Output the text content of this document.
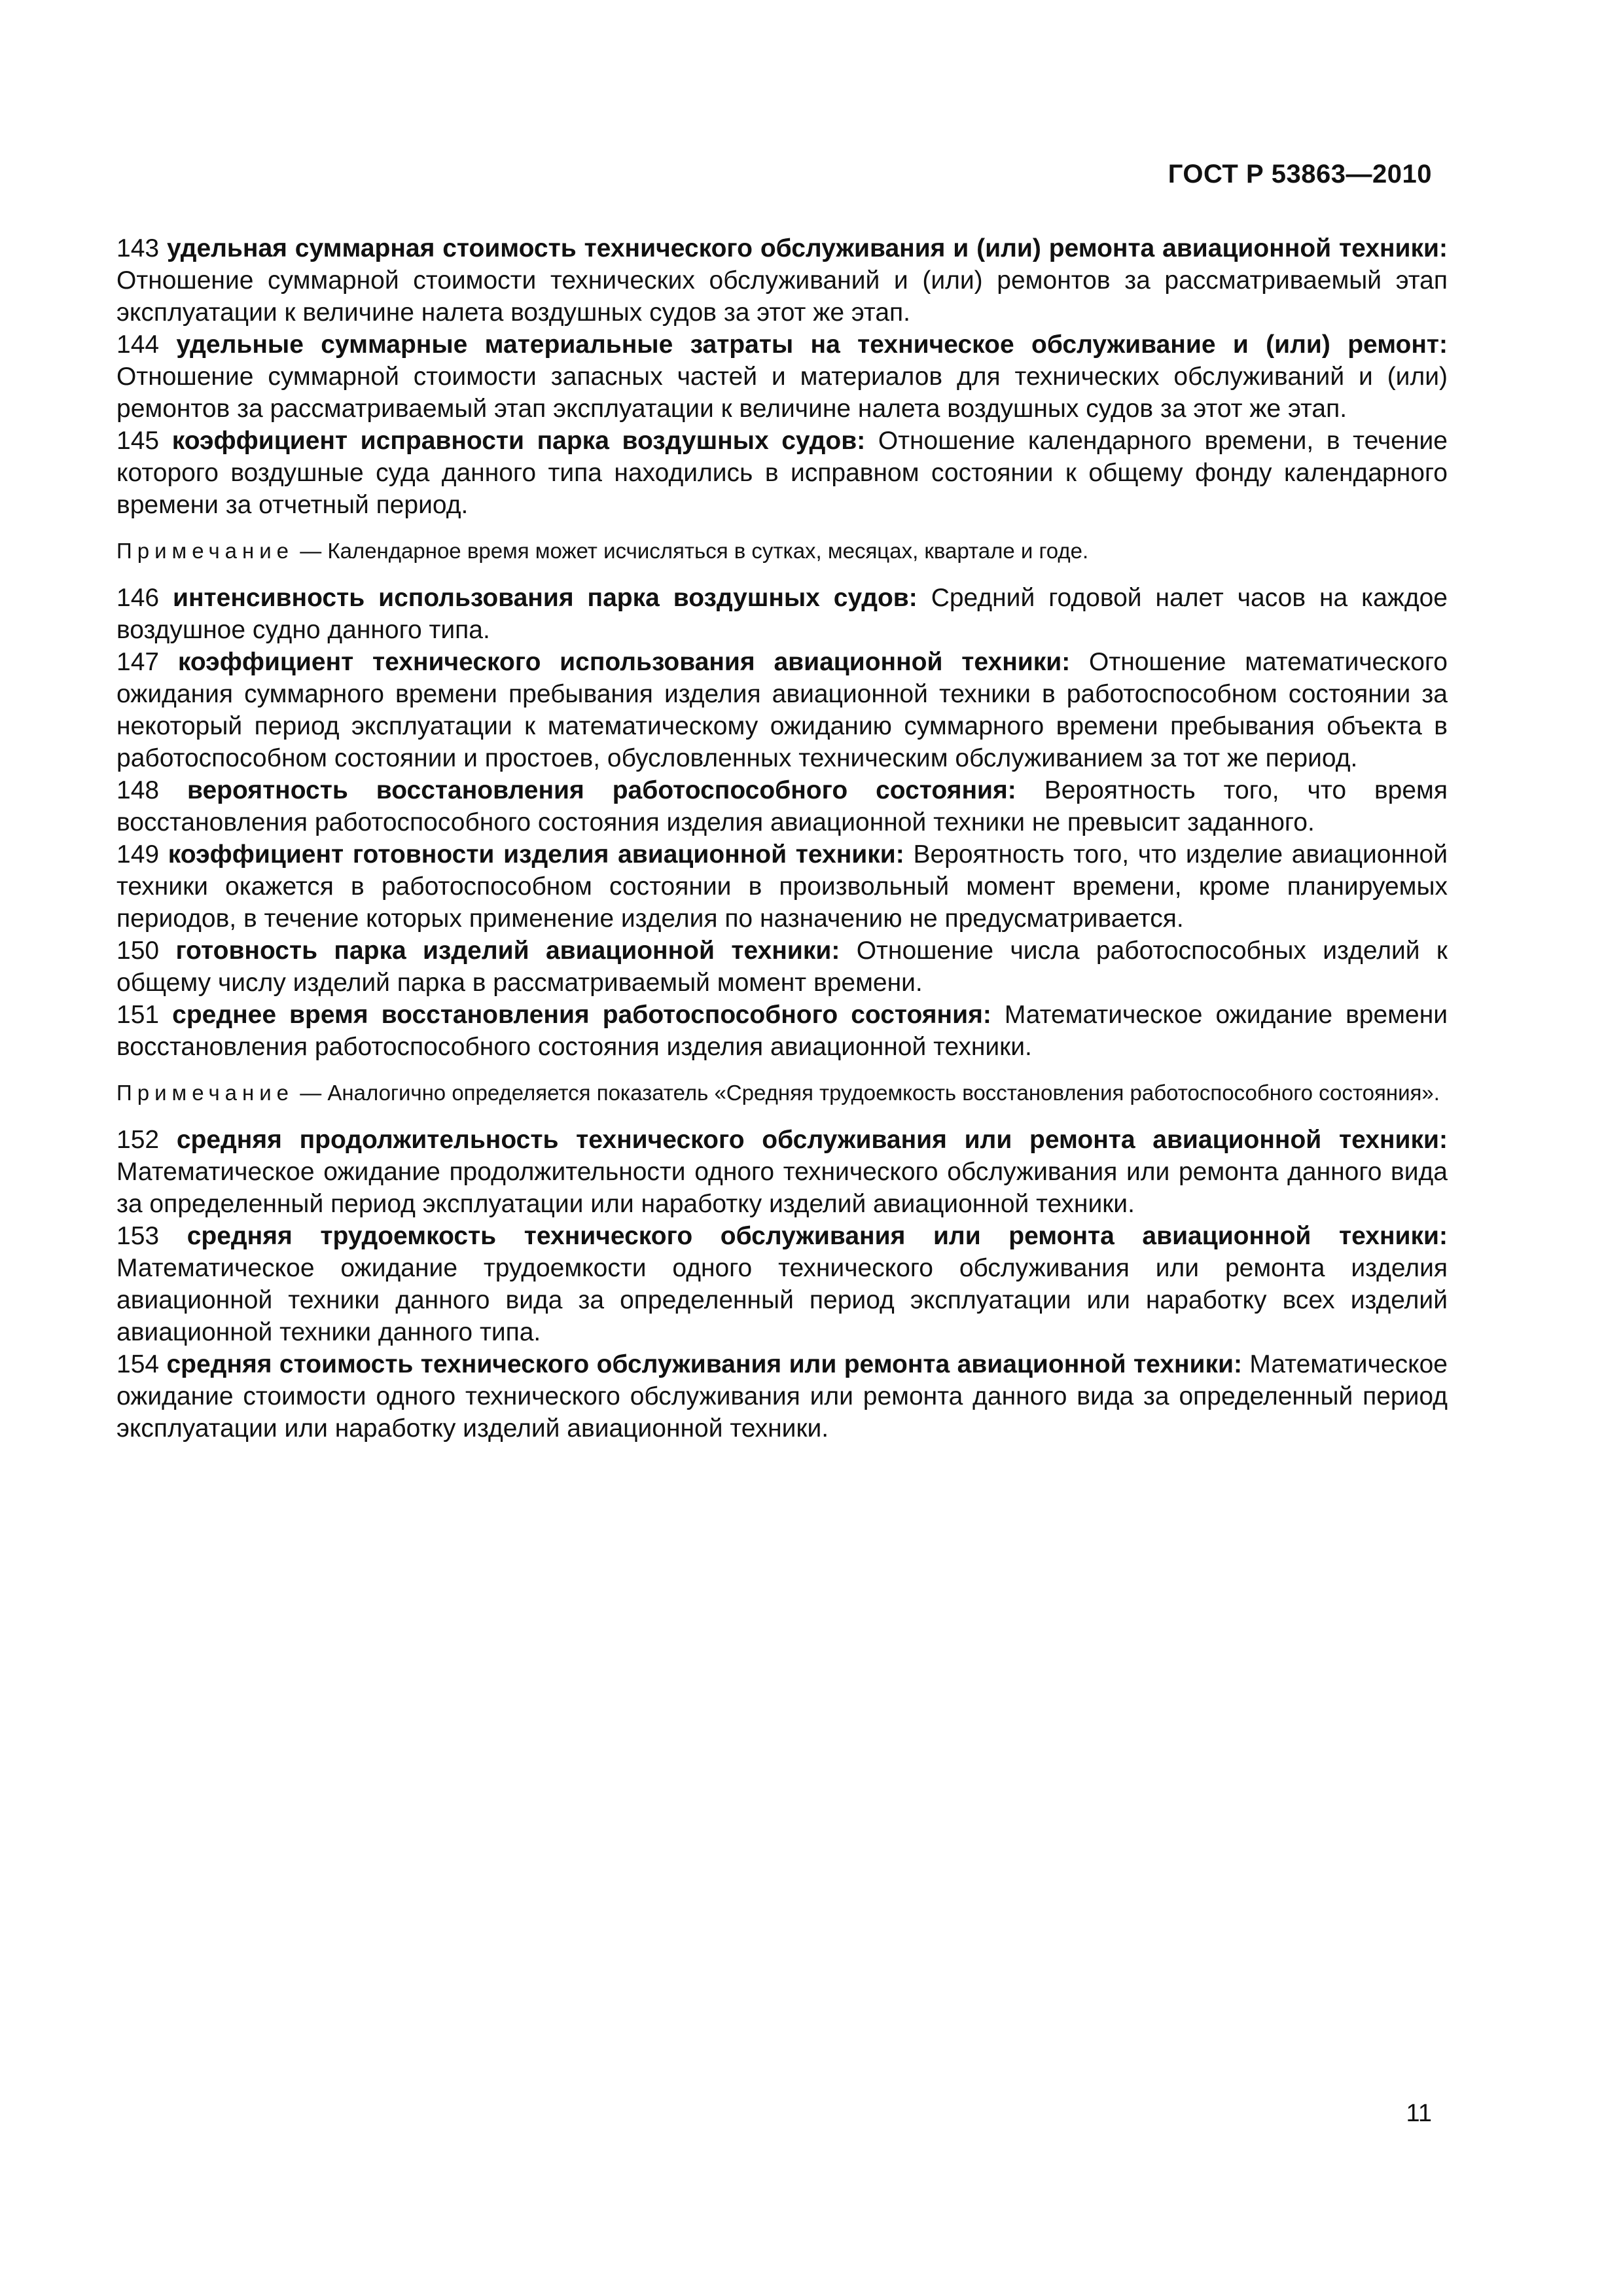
ГОСТ Р 53863—2010

143 удельная суммарная стоимость технического обслуживания и (или) ремонта авиационной техники: Отношение суммарной стоимости технических обслуживаний и (или) ремонтов за рассматриваемый этап эксплуатации к величине налета воздушных судов за этот же этап.

144 удельные суммарные материальные затраты на техническое обслуживание и (или) ремонт: Отношение суммарной стоимости запасных частей и материалов для технических обслуживаний и (или) ремонтов за рассматриваемый этап эксплуатации к величине налета воздушных судов за этот же этап.

145 коэффициент исправности парка воздушных судов: Отношение календарного времени, в течение которого воздушные суда данного типа находились в исправном состоянии к общему фонду календарного времени за отчетный период.

Примечание — Календарное время может исчисляться в сутках, месяцах, квартале и годе.

146 интенсивность использования парка воздушных судов: Средний годовой налет часов на каждое воздушное судно данного типа.

147 коэффициент технического использования авиационной техники: Отношение математического ожидания суммарного времени пребывания изделия авиационной техники в работоспособном состоянии за некоторый период эксплуатации к математическому ожиданию суммарного времени пребывания объекта в работоспособном состоянии и простоев, обусловленных техническим обслуживанием за тот же период.

148 вероятность восстановления работоспособного состояния: Вероятность того, что время восстановления работоспособного состояния изделия авиационной техники не превысит заданного.

149 коэффициент готовности изделия авиационной техники: Вероятность того, что изделие авиационной техники окажется в работоспособном состоянии в произвольный момент времени, кроме планируемых периодов, в течение которых применение изделия по назначению не предусматривается.

150 готовность парка изделий авиационной техники: Отношение числа работоспособных изделий к общему числу изделий парка в рассматриваемый момент времени.

151 среднее время восстановления работоспособного состояния: Математическое ожидание времени восстановления работоспособного состояния изделия авиационной техники.

Примечание — Аналогично определяется показатель «Средняя трудоемкость восстановления работоспособного состояния».

152 средняя продолжительность технического обслуживания или ремонта авиационной техники: Математическое ожидание продолжительности одного технического обслуживания или ремонта данного вида за определенный период эксплуатации или наработку изделий авиационной техники.

153 средняя трудоемкость технического обслуживания или ремонта авиационной техники: Математическое ожидание трудоемкости одного технического обслуживания или ремонта изделия авиационной техники данного вида за определенный период эксплуатации или наработку всех изделий авиационной техники данного типа.

154 средняя стоимость технического обслуживания или ремонта авиационной техники: Математическое ожидание стоимости одного технического обслуживания или ремонта данного вида за определенный период эксплуатации или наработку изделий авиационной техники.

11
